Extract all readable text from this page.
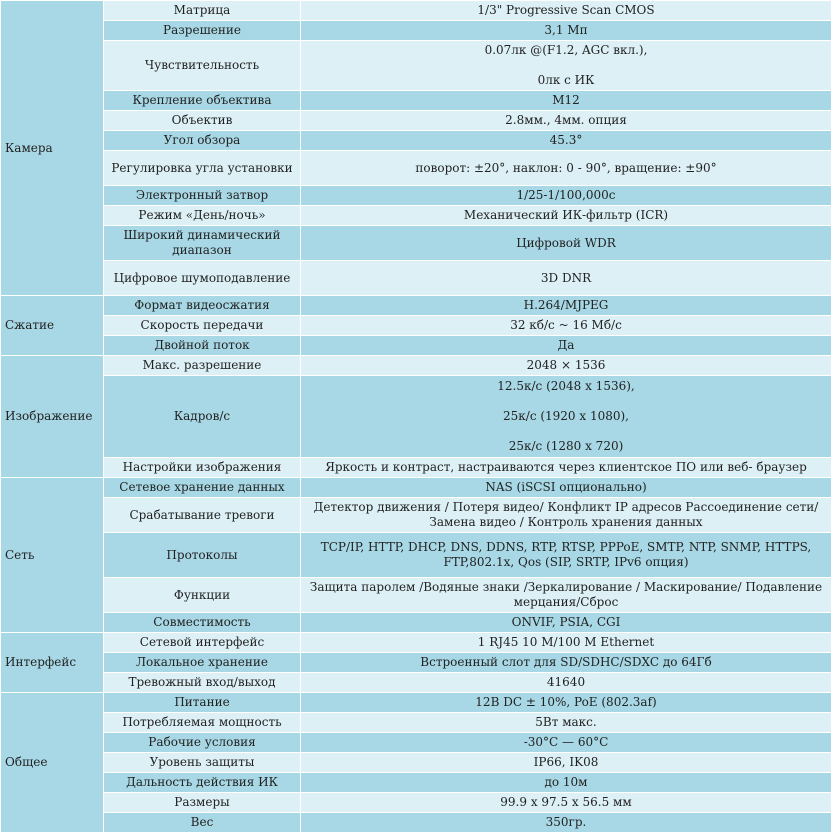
Камера	Матрица	1/3" Progressive Scan CMOS

	Разрешение	3,1 Мп

	Чувствительность	0.07лк @(F1.2, AGC вкл.),
0лк с ИК

	Крепление объектива	M12

	Объектив	2.8мм., 4мм. опция

	Угол обзора	45.3°

	Регулировка угла установки	поворот: ±20°, наклон: 0 - 90°, вращение: ±90°

	Электронный затвор	1/25-1/100,000с

	Режим «День/ночь»	Механический ИК-фильтр (ICR)

	Широкий динамический диапазон	Цифровой WDR

	Цифровое шумоподавление	3D DNR

Сжатие	Формат видеосжатия	H.264/MJPEG

	Скорость передачи	32 кб/с ~ 16 Мб/с

	Двойной поток	Да

Изображение	Макс. разрешение	2048 × 1536

	Кадров/с	12.5к/с (2048 x 1536),
25к/с (1920 x 1080),
25к/с (1280 x 720)

	Настройки изображения	Яркость и контраст, настраиваются через клиентское ПО или веб- браузер

Сеть	Сетевое хранение данных	NAS (iSCSI опционально)

	Срабатывание тревоги	Детектор движения / Потеря видео/ Конфликт IP адресов Рассоединение сети/ Замена видео / Контроль хранения данных

	Протоколы	TCP/IP, HTTP, DHCP, DNS, DDNS, RTP, RTSP, PPPoE, SMTP, NTP, SNMP, HTTPS, FTP,802.1x, Qos (SIP, SRTP, IPv6 опция)

	Функции	Защита паролем /Водяные знаки /Зеркалирование / Маскирование/ Подавление мерцания/Сброс

	Совместимость	ONVIF, PSIA, CGI

Интерфейс	Сетевой интерфейс	1 RJ45 10 M/100 M Ethernet

	Локальное хранение	Встроенный слот для SD/SDHC/SDXC до 64Гб

	Тревожный вход/выход	41640

Общее	Питание	12В DC ± 10%, PoE (802.3af)

	Потребляемая мощность	5Вт макс.

	Рабочие условия	-30°C — 60°C

	Уровень защиты	IP66, IK08

	Дальность действия ИК	до 10м

	Размеры	99.9 x 97.5 x 56.5 мм

	Вес	350гр.
